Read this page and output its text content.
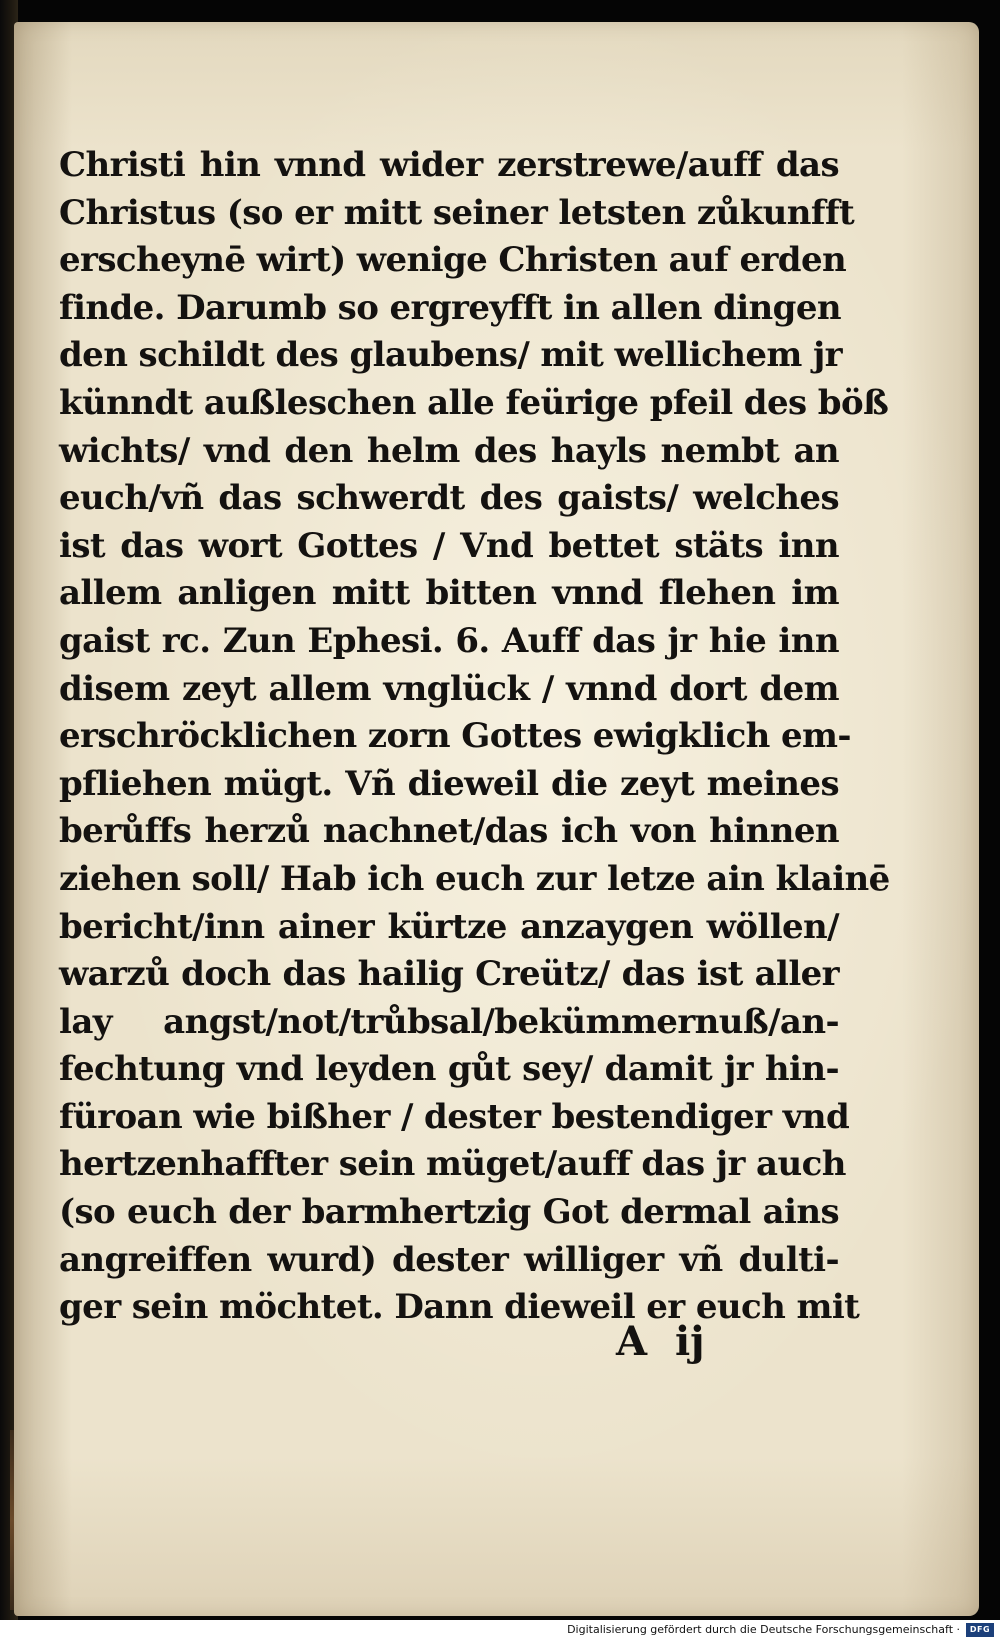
Christi hin vnnd wider zerstrewe/auff das
Christus (so er mitt seiner letsten zůkunfft
erscheynē wirt) wenige Christen auf erden
finde. Darumb so ergreyfft in allen dingen
den schildt des glaubens/ mit wellichem jr
künndt außleschen alle feürige pfeil des böß
wichts/ vnd den helm des hayls nembt an
euch/vñ das schwerdt des gaists/ welches
ist das wort Gottes / Vnd bettet stäts inn
allem anligen mitt bitten vnnd flehen im
gaist rc. Zun Ephesi. 6. Auff das jr hie inn
disem zeyt allem vnglück / vnnd dort dem
erschröcklichen zorn Gottes ewigklich em-
pfliehen mügt. Vñ dieweil die zeyt meines
berůffs herzů nachnet/das ich von hinnen
ziehen soll/ Hab ich euch zur letze ain klainē
bericht/inn ainer kürtze anzaygen wöllen/
warzů doch das hailig Creütz/ das ist aller
lay angst/not/trůbsal/bekümmernuß/an-
fechtung vnd leyden gůt sey/ damit jr hin-
füroan wie bißher / dester bestendiger vnd
hertzenhaffter sein müget/auff das jr auch
(so euch der barmhertzig Got dermal ains
angreiffen wurd) dester williger vñ dulti-
ger sein möchtet. Dann dieweil er euch mit
A ij
Digitalisierung gefördert durch die Deutsche Forschungsgemeinschaft ·	DFG
